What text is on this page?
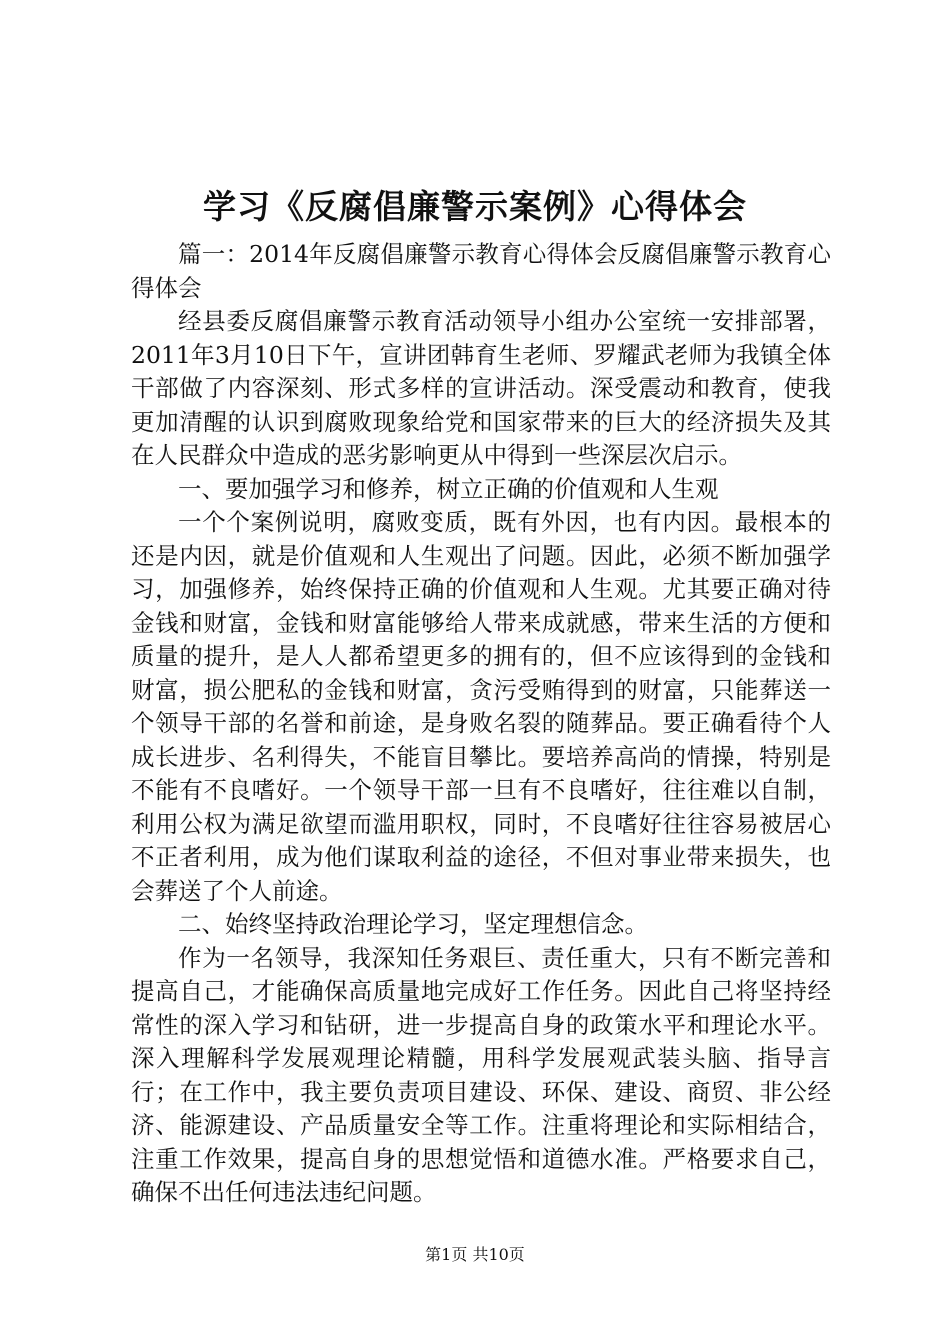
学习《反腐倡廉警示案例》心得体会

篇一：2014年反腐倡廉警示教育心得体会反腐倡廉警示教育心得体会

经县委反腐倡廉警示教育活动领导小组办公室统一安排部署，2011年3月10日下午，宣讲团韩育生老师、罗耀武老师为我镇全体干部做了内容深刻、形式多样的宣讲活动。深受震动和教育，使我更加清醒的认识到腐败现象给党和国家带来的巨大的经济损失及其在人民群众中造成的恶劣影响更从中得到一些深层次启示。

一、要加强学习和修养，树立正确的价值观和人生观

一个个案例说明，腐败变质，既有外因，也有内因。最根本的还是内因，就是价值观和人生观出了问题。因此，必须不断加强学习，加强修养，始终保持正确的价值观和人生观。尤其要正确对待金钱和财富，金钱和财富能够给人带来成就感，带来生活的方便和质量的提升，是人人都希望更多的拥有的，但不应该得到的金钱和财富，损公肥私的金钱和财富，贪污受贿得到的财富，只能葬送一个领导干部的名誉和前途，是身败名裂的随葬品。要正确看待个人成长进步、名利得失，不能盲目攀比。要培养高尚的情操，特别是不能有不良嗜好。一个领导干部一旦有不良嗜好，往往难以自制，利用公权为满足欲望而滥用职权，同时，不良嗜好往往容易被居心不正者利用，成为他们谋取利益的途径，不但对事业带来损失，也会葬送了个人前途。

二、始终坚持政治理论学习，坚定理想信念。

作为一名领导，我深知任务艰巨、责任重大，只有不断完善和提高自己，才能确保高质量地完成好工作任务。因此自己将坚持经常性的深入学习和钻研，进一步提高自身的政策水平和理论水平。深入理解科学发展观理论精髓，用科学发展观武装头脑、指导言行；在工作中，我主要负责项目建设、环保、建设、商贸、非公经济、能源建设、产品质量安全等工作。注重将理论和实际相结合，注重工作效果，提高自身的思想觉悟和道德水准。严格要求自己，确保不出任何违法违纪问题。

第1页 共10页
